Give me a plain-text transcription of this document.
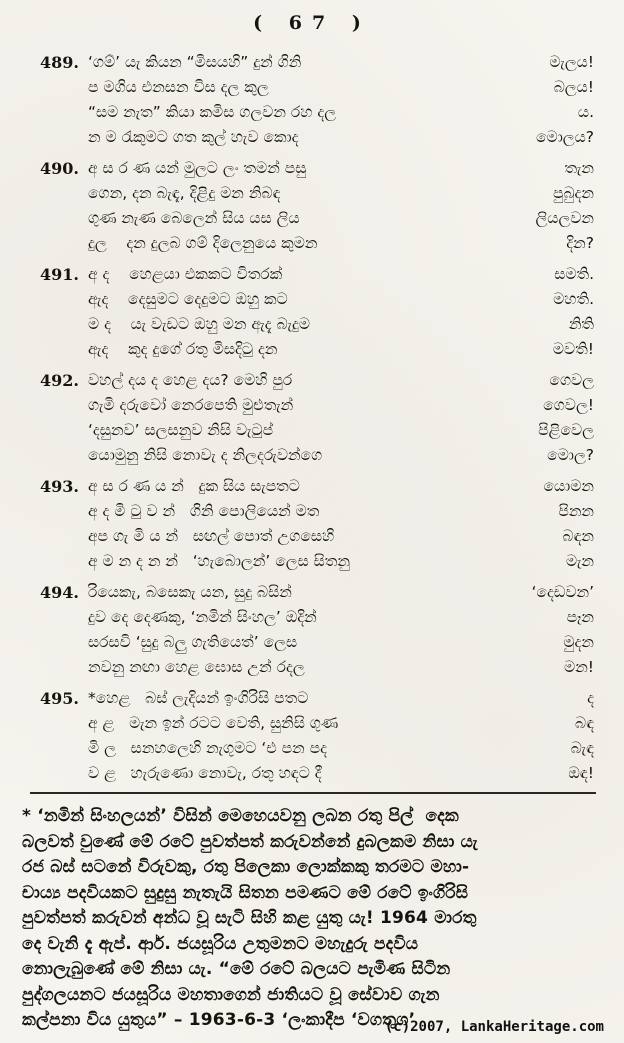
( 67 )
489. ‘ගම්’ යැ කියන “මිසයහි” දුන් ගිනි	මැලය!
ප මගිය එනසන විස දල කුල	බලය!
“සම නැත” කියා කමිස ගලවන රහ දල	ය.
න ම රැකුමට ගත කුල් හැව කොද	මොලය?
490. අ ස ර ණ යන් මුලට ලං තමන් පසු	තැන
ගෙන, දන බැඳැ, දිළිදු මන නිබඳ	පුබුදන
ගුණ නැණ බෙලෙන් සිය යස ලිය	ලියලවන
දුල    දන දුලබ ගම් දිලෙනුයෙ කුමන	දින?
491. අ ද    හෙළයා එකකට විතරක්	සමති.
ඇද    දෙසුමට දෙදුමට ඔහු කට	මහති.
ම ද    යැ වැඩට ඔහු මන ඇදැ බැදුම	නිති
ඇද    කුද දුගේ රතු මිසදිටු දන	මවති!
492. වහල් දය ද හෙළ දය? මෙහි පුර	ගෙවල
ගැමි දරුවෝ නෙරපෙති මුළුතැන්	ගෙවල!
‘දසුනව’ සලසනුව නිසි වැටුප්	පිළිවෙල
යොමුනු නිසි නොවැ ද නිලදරුවන්ගෙ	මොල?
493. අ ස ර ණ ය න්   දුක සිය සැපතට	යොමන
අ ද මි ටු ව න්   ගිනි පොලියෙන් මත	පිනන
අප ගැ මි ය න්   සඟල් පොත් උගසෙහි	බඳන
අ ම න ද න න්   ‘හැබොලන්’ ලෙස සිතනු	මැන
494. රියෙකැ, බසෙකැ යන, සුදු බසින්	‘දෙඩවන’
දුව දෙ දෙණකු, ‘නමින් සිංහල’ ඔදින්	පෑන
සරසවි ‘සුදු බලු ගැතියෙත්’ ලෙස	මුදන
නවනු නඟා හෙළ ඝොස උන් රදල	මන!
495. *හෙළ   බස් ලැදියන් ඉංගිරිසි පතට	ද
අ ළ   මැන ඉන් රටට වෙති, සුනිසි ගුණ	බඳ
මි ල   සනහලෙහි නැගුමට ‘එ පන පද	බැඳ
ව ළ   හැරුණො නොවැ, රතු හඳට දී	ඔඳ!
* ‘නමින් සිංහලයන්’ විසින් මෙහෙයවනු ලබන රතු පිල්  දෙක
බලවත් වුණේ මේ රටේ පුවත්පත් කරුවන්නේ දුබලකම නිසා යැ
රජ බස් සටනේ විරුවකු, රතු පිලෙකා ලොක්කකු තරමට මහා-
චාය්‍ය පදවියකට සුදුසු නැතැයි සිතන පමණට මේ රටේ ඉංගිරිසි
පුවත්පත් කරුවන් අන්ධ වූ සැටි සිහි කළ යුතු යැ! 1964 මාරතු
දෙ වැනි දැ ඇප්. ආර්. ජයසූරිය උතුමනට මහැදුරු පදවිය
නොලැබුණේ මේ නිසා යැ. “මේ රටේ බලයට පැමිණ සිටින
පුද්ගලයනට ජයසූරිය මහතාගෙන් ජාතියට වූ සේවාව ගැන
කල්පනා විය යුතුය” – 1963-6-3 ‘ලංකාදීප ‘වගතුග’
(c)2007, LankaHeritage.com
